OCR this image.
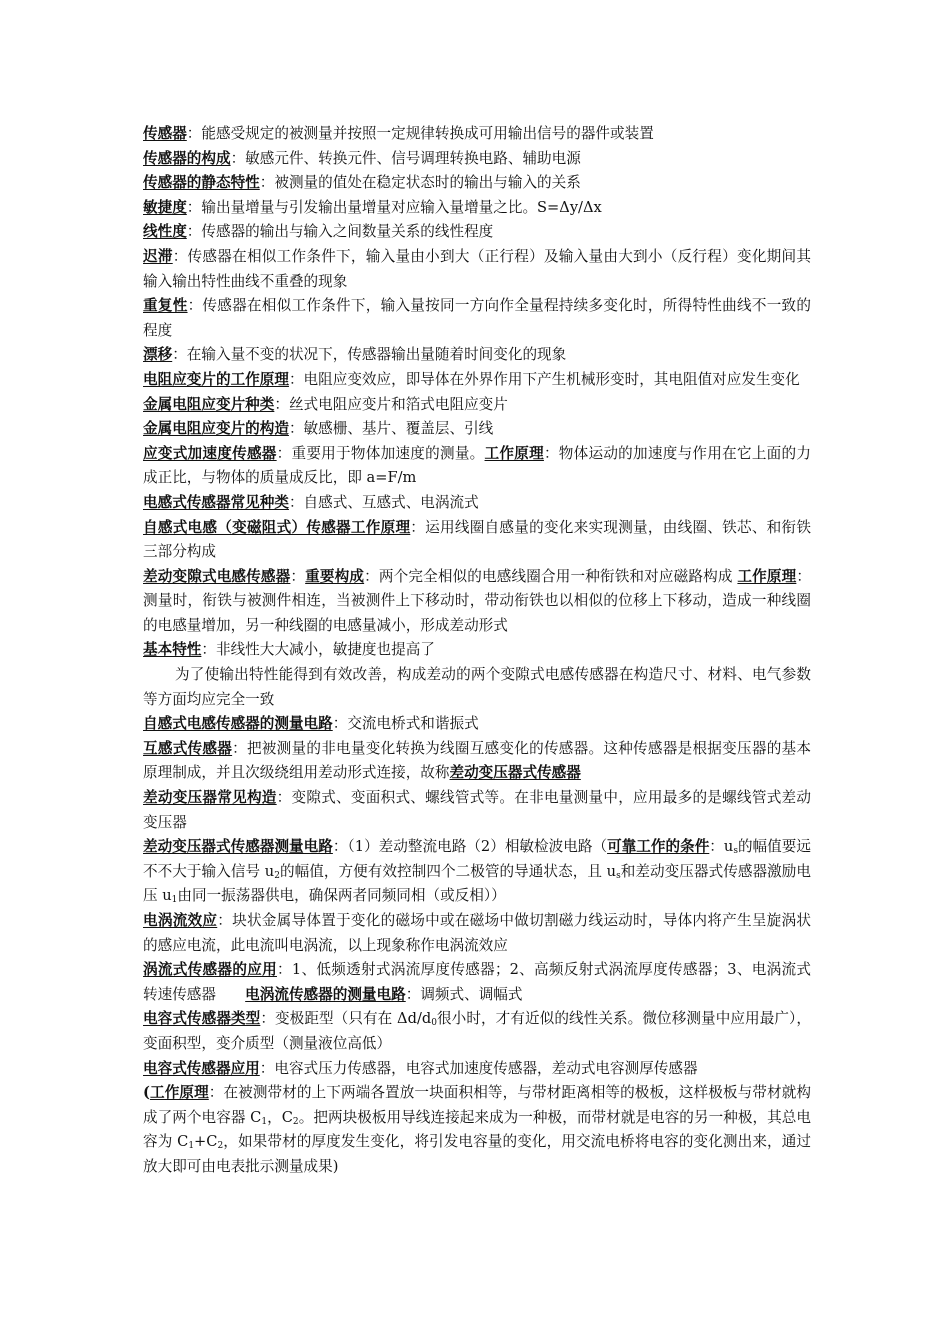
传感器：能感受规定的被测量并按照一定规律转换成可用输出信号的器件或装置

传感器的构成：敏感元件、转换元件、信号调理转换电路、辅助电源

传感器的静态特性：被测量的值处在稳定状态时的输出与输入的关系

敏捷度：输出量增量与引发输出量增量对应输入量增量之比。S=Δy/Δx

线性度：传感器的输出与输入之间数量关系的线性程度

迟滞：传感器在相似工作条件下，输入量由小到大（正行程）及输入量由大到小（反行程）变化期间其输入输出特性曲线不重叠的现象

重复性：传感器在相似工作条件下，输入量按同一方向作全量程持续多变化时，所得特性曲线不一致的程度

漂移：在输入量不变的状况下，传感器输出量随着时间变化的现象

电阻应变片的工作原理：电阻应变效应，即导体在外界作用下产生机械形变时，其电阻值对应发生变化

金属电阻应变片种类：丝式电阻应变片和箔式电阻应变片

金属电阻应变片的构造：敏感栅、基片、覆盖层、引线

应变式加速度传感器：重要用于物体加速度的测量。工作原理：物体运动的加速度与作用在它上面的力成正比，与物体的质量成反比，即 a=F/m

电感式传感器常见种类：自感式、互感式、电涡流式

自感式电感（变磁阻式）传感器工作原理：运用线圈自感量的变化来实现测量，由线圈、铁芯、和衔铁三部分构成

差动变隙式电感传感器：重要构成：两个完全相似的电感线圈合用一种衔铁和对应磁路构成 工作原理：测量时，衔铁与被测件相连，当被测件上下移动时，带动衔铁也以相似的位移上下移动，造成一种线圈的电感量增加，另一种线圈的电感量减小，形成差动形式

基本特性：非线性大大减小，敏捷度也提高了

为了使输出特性能得到有效改善，构成差动的两个变隙式电感传感器在构造尺寸、材料、电气参数等方面均应完全一致

自感式电感传感器的测量电路：交流电桥式和谐振式

互感式传感器：把被测量的非电量变化转换为线圈互感变化的传感器。这种传感器是根据变压器的基本原理制成，并且次级绕组用差动形式连接，故称差动变压器式传感器

差动变压器常见构造：变隙式、变面积式、螺线管式等。在非电量测量中，应用最多的是螺线管式差动变压器

差动变压器式传感器测量电路：（1）差动整流电路（2）相敏检波电路（可靠工作的条件：$u_s$的幅值要远不不大于输入信号 $u_2$的幅值，方便有效控制四个二极管的导通状态，且 $u_s$和差动变压器式传感器激励电压 $u_1$由同一振荡器供电，确保两者同频同相（或反相））

电涡流效应：块状金属导体置于变化的磁场中或在磁场中做切割磁力线运动时，导体内将产生呈旋涡状的感应电流，此电流叫电涡流，以上现象称作电涡流效应

涡流式传感器的应用：1、低频透射式涡流厚度传感器；2、高频反射式涡流厚度传感器；3、电涡流式转速传感器　　电涡流传感器的测量电路：调频式、调幅式

电容式传感器类型：变极距型（只有在 $\Delta d/d_0$很小时，才有近似的线性关系。微位移测量中应用最广），变面积型，变介质型（测量液位高低）

电容式传感器应用：电容式压力传感器，电容式加速度传感器，差动式电容测厚传感器

(工作原理：在被测带材的上下两端各置放一块面积相等，与带材距离相等的极板，这样极板与带材就构成了两个电容器 $C_1$，$C_2$。把两块极板用导线连接起来成为一种极，而带材就是电容的另一种极，其总电容为 $C_1+C_2$，如果带材的厚度发生变化，将引发电容量的变化，用交流电桥将电容的变化测出来，通过放大即可由电表批示测量成果)
